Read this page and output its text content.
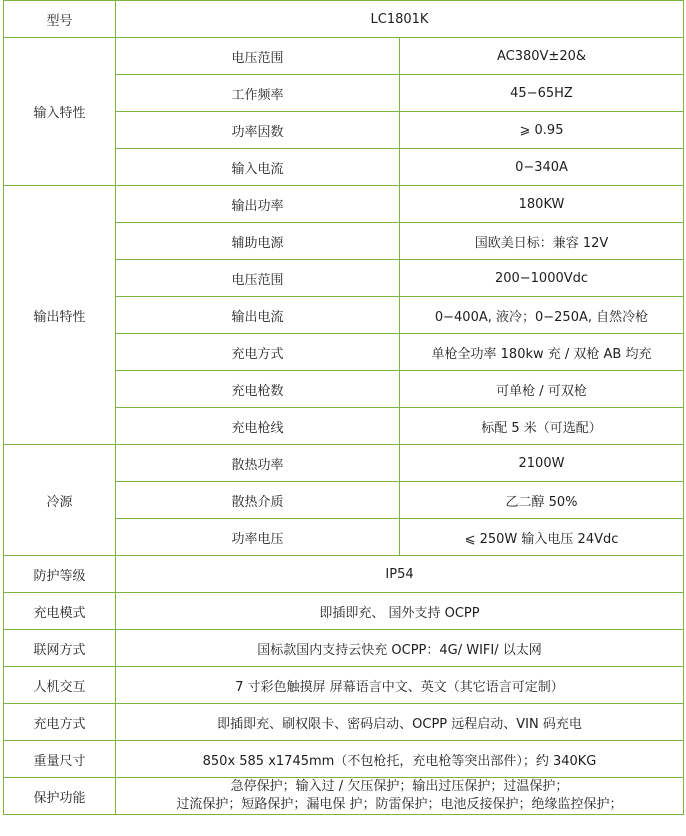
型号	LC1801K	
输入特性	电压范围	AC380V±20&
	工作频率	45−65HZ
	功率因数	⩾ 0.95
	输入电流	0−340A
输出特性	输出功率	180KW
	辅助电源	国欧美日标：兼容 12V
	电压范围	200−1000Vdc
	输出电流	0−400A, 液冷；0−250A, 自然冷枪
	充电方式	单枪全功率 180kw 充 / 双枪 AB 均充
	充电枪数	可单枪 / 可双枪
	充电枪线	标配 5 米（可选配）
冷源	散热功率	2100W
	散热介质	乙二醇 50%
	功率电压	⩽ 250W 输入电压 24Vdc
防护等级	IP54	
充电模式	即插即充、 国外支持 OCPP	
联网方式	国标款国内支持云快充 OCPP：4G/ WIFI/ 以太网	
人机交互	7 寸彩色触摸屏 屏幕语言中文、英文（其它语言可定制）	
充电方式	即插即充、刷权限卡、密码启动、OCPP 远程启动、VIN 码充电	
重量尺寸	850x 585 x1745mm（不包枪托，充电枪等突出部件）；约 340KG	
保护功能	急停保护；输入过 / 欠压保护；输出过压保护；过温保护；
过流保护；短路保护；漏电保 护；防雷保护；电池反接保护；绝缘监控保护；	
